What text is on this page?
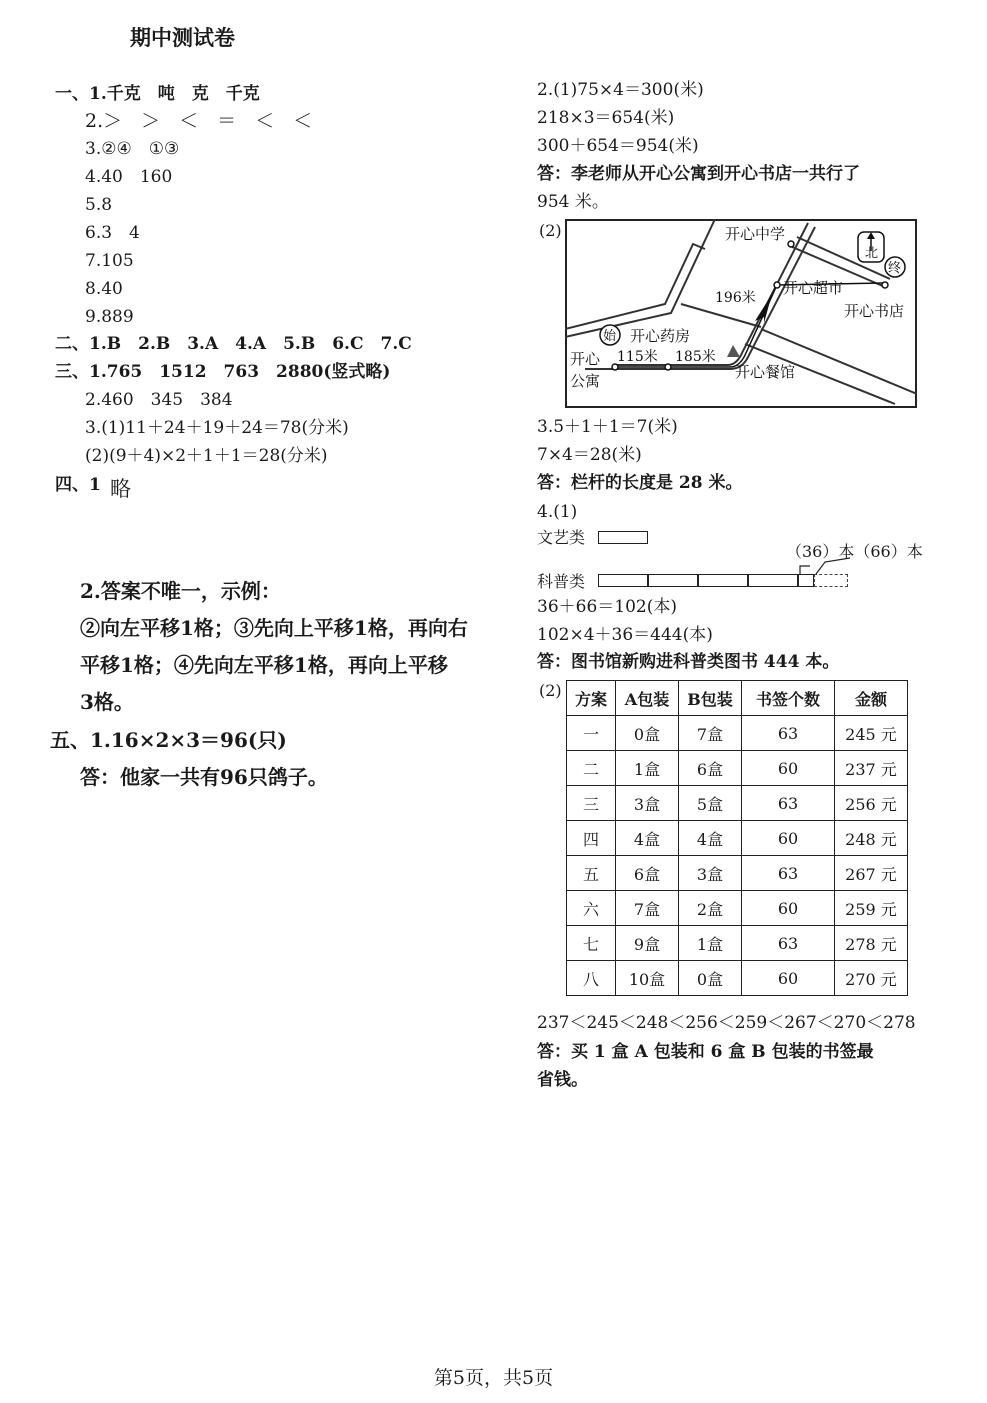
期中测试卷
一、1.千克　吨　克　千克
2.＞　＞　＜　＝　＜　＜
3.②④　①③
4.40　160
5.8
6.3　4
7.105
8.40
9.889
二、1.B　2.B　3.A　4.A　5.B　6.C　7.C
三、1.765　1512　763　2880(竖式略)
2.460　345　384
3.(1)11＋24＋19＋24＝78(分米)
(2)(9＋4)×2＋1＋1＝28(分米)
四、1 略
2.答案不唯一，示例：
②向左平移1格；③先向上平移1格，再向右
平移1格；④先向左平移1格，再向上平移
3格。
五、1.16×2×3＝96(只)
答：他家一共有96只鸽子。
2.(1)75×4＝300(米)
218×3＝654(米)
300＋654＝954(米)
答：李老师从开心公寓到开心书店一共行了
954 米。
(2)	开心中学
北
终
开心超市
开心书店
196米
始 开心药房
115米 185米
开心
公寓	开心餐馆
3.5＋1＋1＝7(米)
7×4＝28(米)
答：栏杆的长度是 28 米。
4.(1)
文艺类
（36）本（66）本
科普类
36＋66＝102(本)
102×4＋36＝444(本)
答：图书馆新购进科普类图书 444 本。
(2) 方案	A包装	B包装	书签个数	金额
一	0盒	7盒	63	245 元
二	1盒	6盒	60	237 元
三	3盒	5盒	63	256 元
四	4盒	4盒	60	248 元
五	6盒	3盒	63	267 元
六	7盒	2盒	60	259 元
七	9盒	1盒	63	278 元
八	10盒	0盒	60	270 元
237＜245＜248＜256＜259＜267＜270＜278
答：买 1 盒 A 包装和 6 盒 B 包装的书签最
省钱。
第5页，共5页
